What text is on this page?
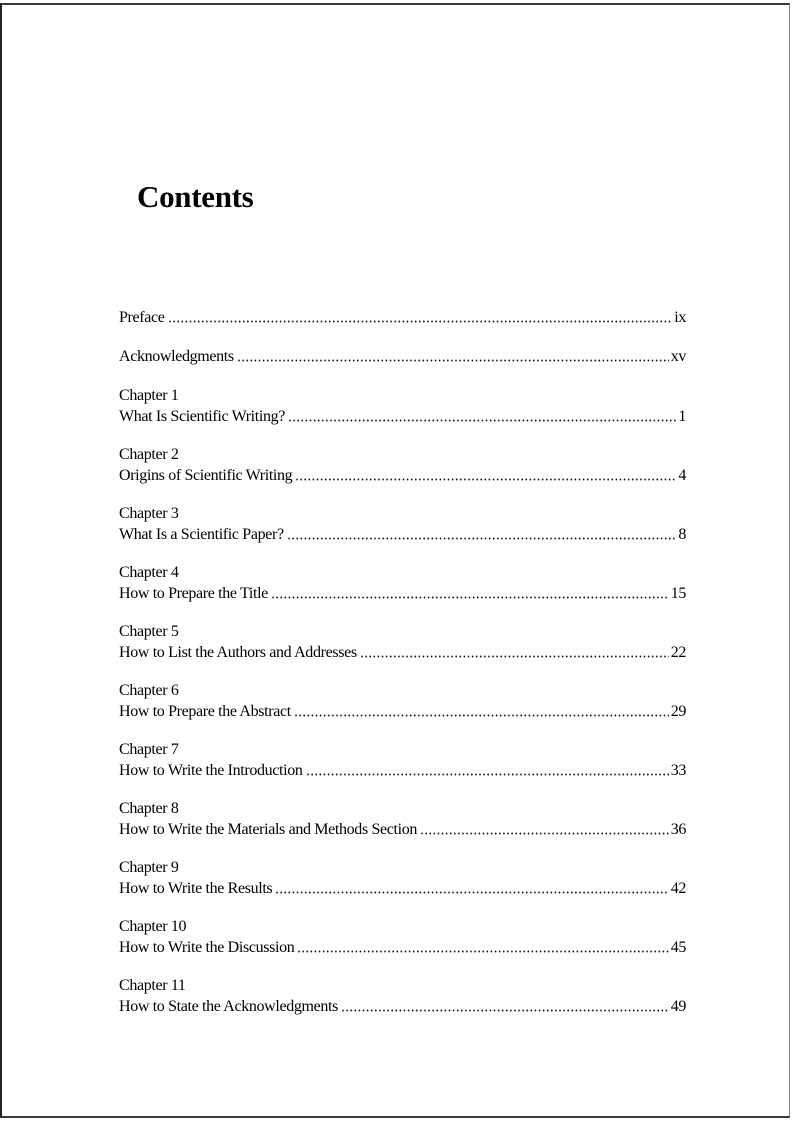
Contents
Preface	ix
Acknowledgments	xv
Chapter 1
What Is Scientific Writing?	1
Chapter 2
Origins of Scientific Writing	4
Chapter 3
What Is a Scientific Paper?	8
Chapter 4
How to Prepare the Title	15
Chapter 5
How to List the Authors and Addresses	22
Chapter 6
How to Prepare the Abstract	29
Chapter 7
How to Write the Introduction	33
Chapter 8
How to Write the Materials and Methods Section	36
Chapter 9
How to Write the Results	42
Chapter 10
How to Write the Discussion	45
Chapter 11
How to State the Acknowledgments	49
